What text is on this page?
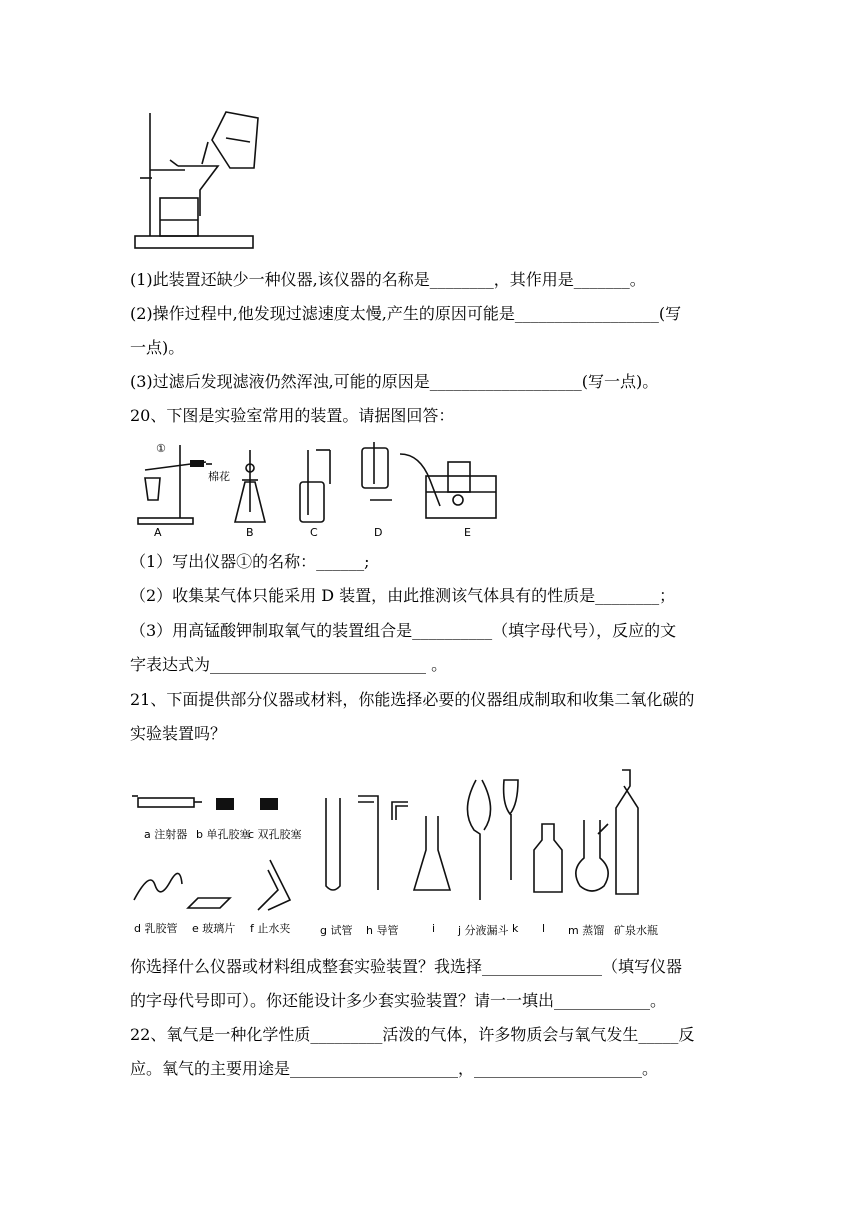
(1)此装置还缺少一种仪器,该仪器的名称是________，其作用是_______。
(2)操作过程中,他发现过滤速度太慢,产生的原因可能是__________________(写
一点)。
(3)过滤后发现滤液仍然浑浊,可能的原因是___________________(写一点)。
20、下图是实验室常用的装置。请据图回答：
①
棉花
A	B	C	D	E
（1）写出仪器①的名称：______;
（2）收集某气体只能采用 D 装置，由此推测该气体具有的性质是________；
（3）用高锰酸钾制取氧气的装置组合是__________（填字母代号），反应的文
字表达式为___________________________ 。
21、下面提供部分仪器或材料，你能选择必要的仪器组成制取和收集二氧化碳的
实验装置吗？
a 注射器 b 单孔胶塞
c 双孔胶塞
d 乳胶管 e 玻璃片 f 止水夹	g 试管 h 导管	i j 分液漏斗 k l m 蒸馏 矿泉水瓶
你选择什么仪器或材料组成整套实验装置？我选择_______________（填写仪器
的字母代号即可）。你还能设计多少套实验装置？请一一填出____________。
22、氧气是一种化学性质_________活泼的气体，许多物质会与氧气发生_____反
应。氧气的主要用途是_____________________，_____________________。
